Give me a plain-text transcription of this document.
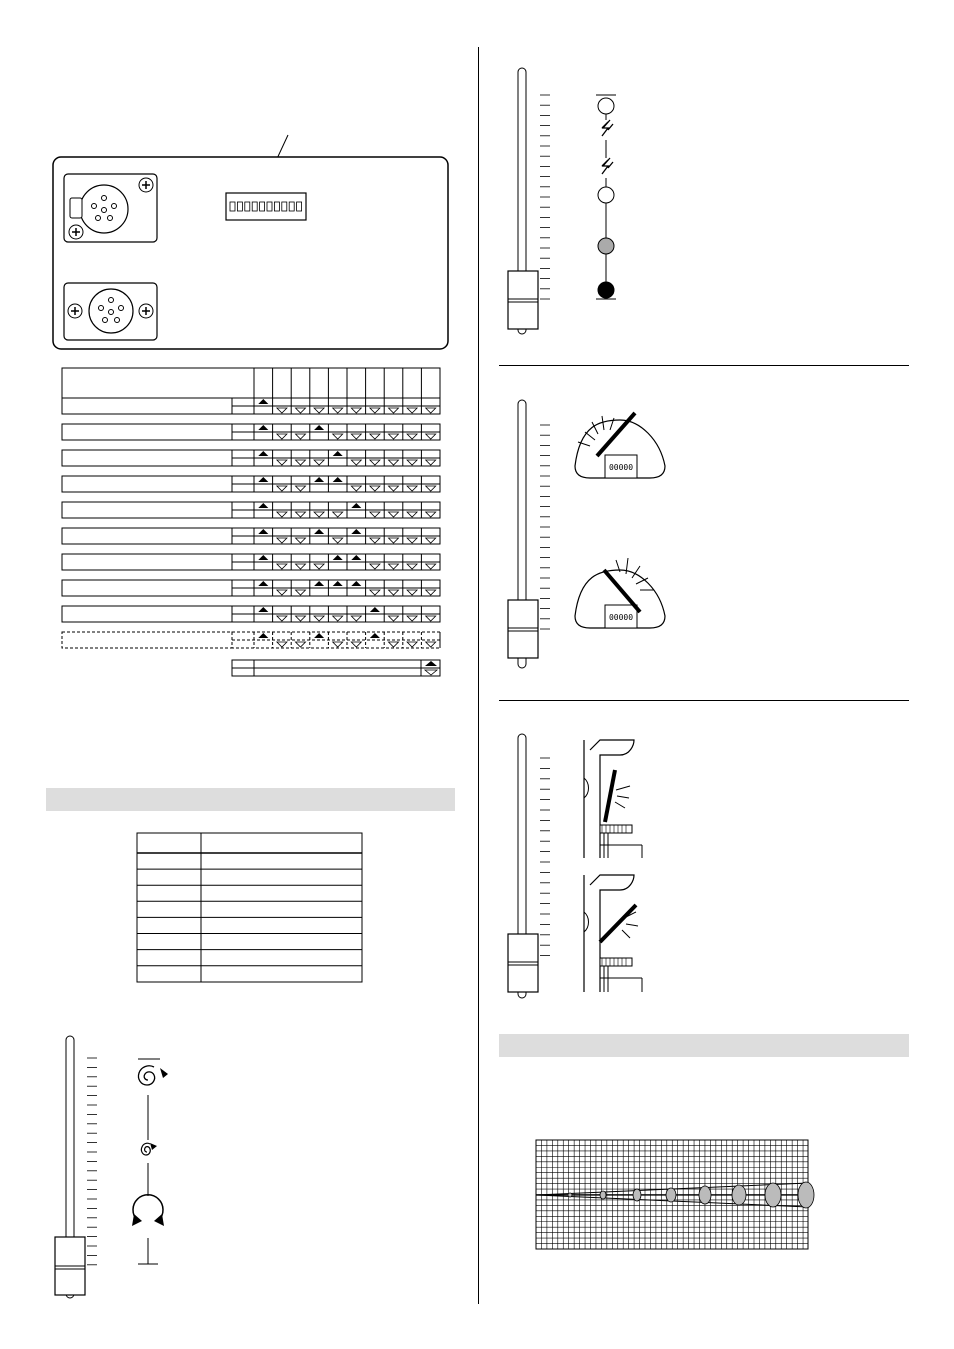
00000
00000
